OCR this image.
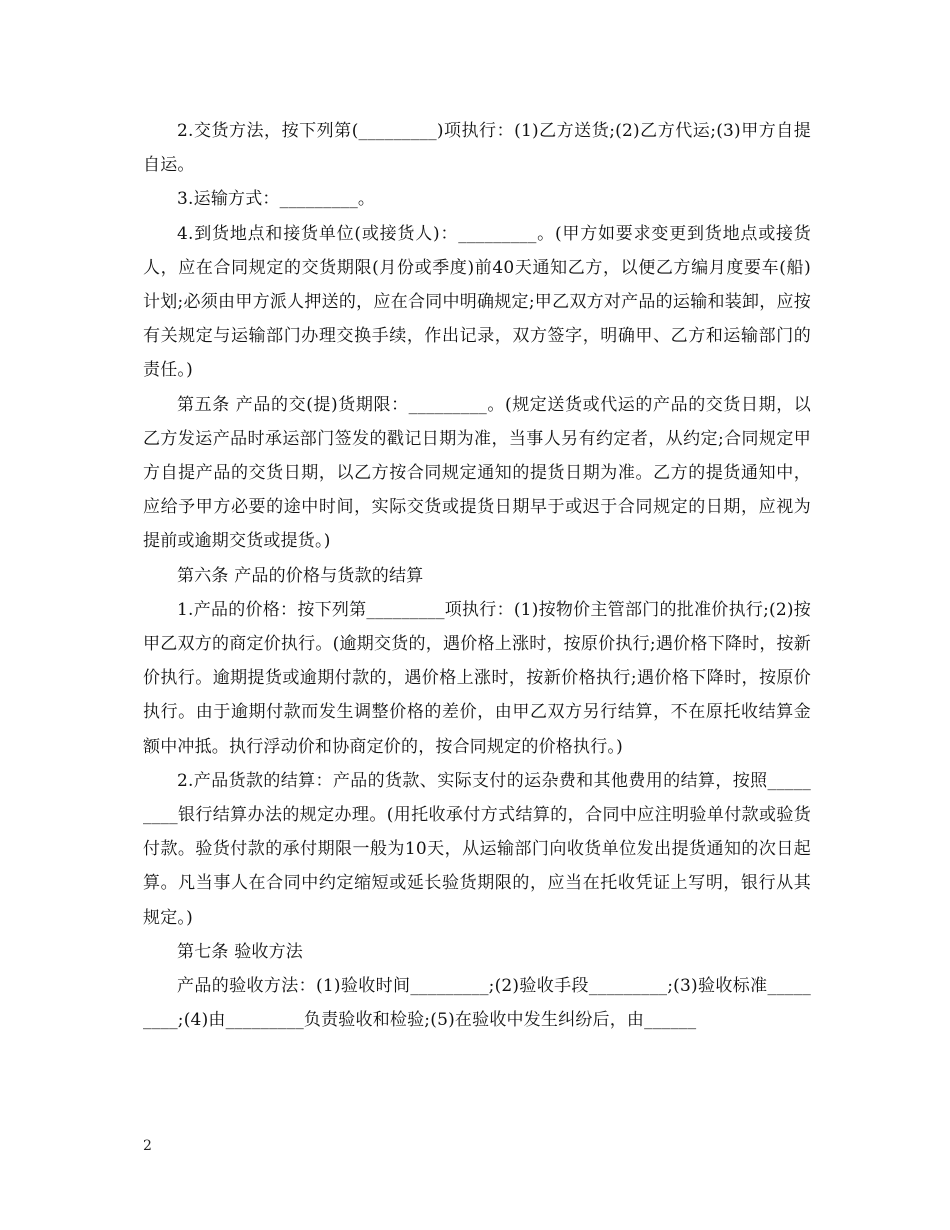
2.交货方法，按下列第(_________)项执行：(1)乙方送货;(2)乙方代运;(3)甲方自提自运。

3.运输方式：_________。

4.到货地点和接货单位(或接货人)：_________。(甲方如要求变更到货地点或接货人，应在合同规定的交货期限(月份或季度)前40天通知乙方，以便乙方编月度要车(船)计划;必须由甲方派人押送的，应在合同中明确规定;甲乙双方对产品的运输和装卸，应按有关规定与运输部门办理交换手续，作出记录，双方签字，明确甲、乙方和运输部门的责任。)

第五条 产品的交(提)货期限：_________。(规定送货或代运的产品的交货日期，以乙方发运产品时承运部门签发的戳记日期为准，当事人另有约定者，从约定;合同规定甲方自提产品的交货日期，以乙方按合同规定通知的提货日期为准。乙方的提货通知中，应给予甲方必要的途中时间，实际交货或提货日期早于或迟于合同规定的日期，应视为提前或逾期交货或提货。)

第六条 产品的价格与货款的结算

1.产品的价格：按下列第_________项执行：(1)按物价主管部门的批准价执行;(2)按甲乙双方的商定价执行。(逾期交货的，遇价格上涨时，按原价执行;遇价格下降时，按新价执行。逾期提货或逾期付款的，遇价格上涨时，按新价格执行;遇价格下降时，按原价执行。由于逾期付款而发生调整价格的差价，由甲乙双方另行结算，不在原托收结算金额中冲抵。执行浮动价和协商定价的，按合同规定的价格执行。)

2.产品货款的结算：产品的货款、实际支付的运杂费和其他费用的结算，按照_________银行结算办法的规定办理。(用托收承付方式结算的，合同中应注明验单付款或验货付款。验货付款的承付期限一般为10天，从运输部门向收货单位发出提货通知的次日起算。凡当事人在合同中约定缩短或延长验货期限的，应当在托收凭证上写明，银行从其规定。)

第七条 验收方法

产品的验收方法：(1)验收时间_________;(2)验收手段_________;(3)验收标准_________;(4)由_________负责验收和检验;(5)在验收中发生纠纷后，由______

2
